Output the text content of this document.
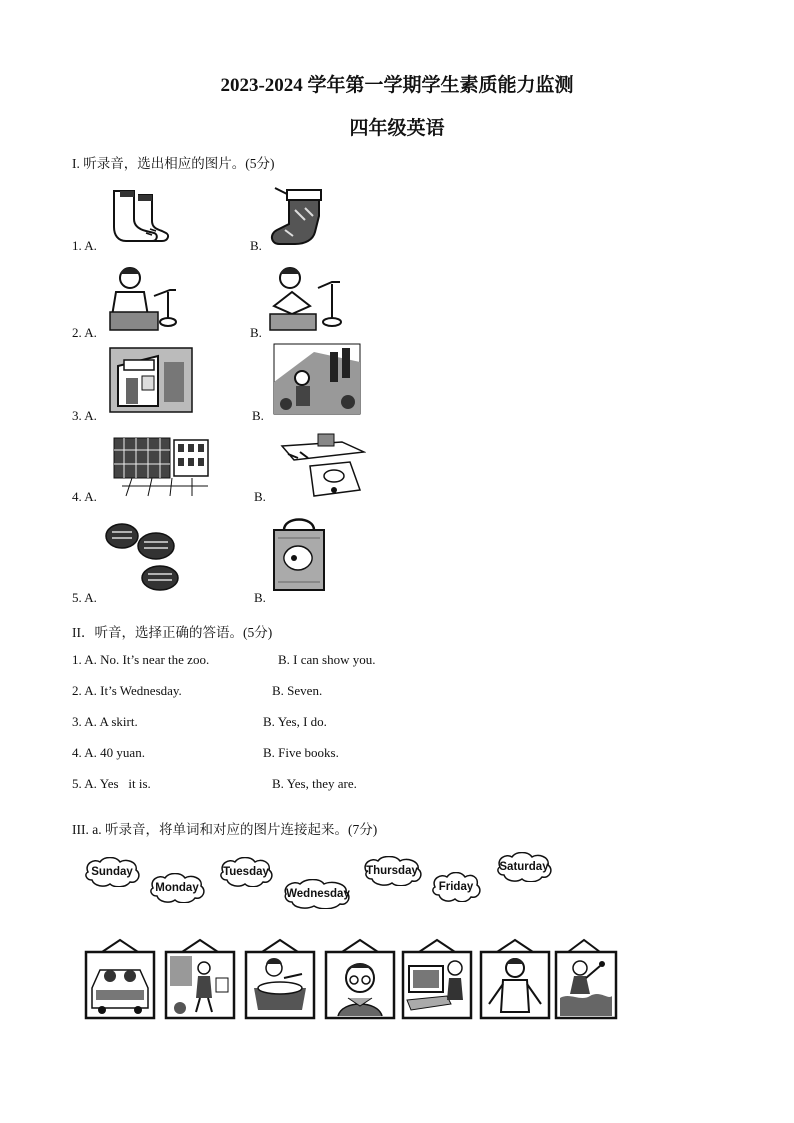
2023-2024 学年第一学期学生素质能力监测
四年级英语
I. 听录音，选出相应的图片。(5分)
1. A.	B.
2. A.	B.
3. A.	B.
4. A.	B.
5. A.	B.
II．听音，选择正确的答语。(5分)
1. A. No. It’s near the zoo.	B. I can show you.
2. A. It’s Wednesday.	B. Seven.
3. A. A skirt.	B. Yes, I do.
4. A. 40 yuan.	B. Five books.
5. A. Yes   it is.	B. Yes, they are.
III. a. 听录音，将单词和对应的图片连接起来。(7分)
Sunday
Monday
Tuesday
Wednesday
Thursday
Friday
Saturday
